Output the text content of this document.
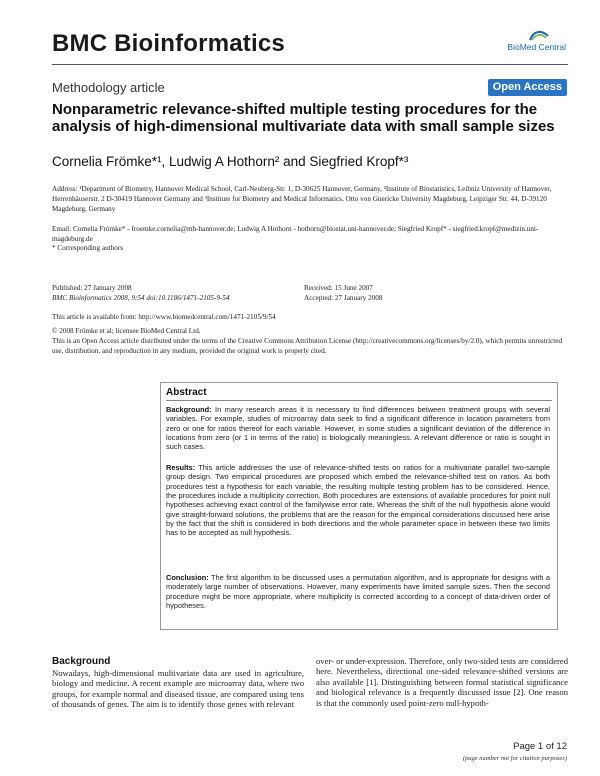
BMC Bioinformatics	BioMed Central
Methodology article	Open Access
Nonparametric relevance-shifted multiple testing procedures for the analysis of high-dimensional multivariate data with small sample sizes
Cornelia Frömke*¹, Ludwig A Hothorn² and Siegfried Kropf*³
Address: ¹Department of Biometry, Hannover Medical School, Carl-Neuberg-Str. 1, D-30625 Hannover, Germany, ²Institute of Biostatistics, Leibniz University of Hannover, Herrenhäuserstr. 2 D-30419 Hannover Germany and ³Institute for Biometry and Medical Informatics, Otto von Guericke University Magdeburg, Leipziger Str. 44, D-39120 Magdeburg, Germany
Email: Cornelia Frömke* - froemke.cornelia@mh-hannover.de; Ludwig A Hothorn - hothorn@biostat.uni-hannover.de; Siegfried Kropf* - siegfried.kropf@medizin.uni-magdeburg.de
* Corresponding authors
Published: 27 January 2008
BMC Bioinformatics 2008, 9:54 doi:10.1186/1471-2105-9-54
Received: 15 June 2007
Accepted: 27 January 2008
This article is available from: http://www.biomedcentral.com/1471-2105/9/54
© 2008 Frömke et al; licensee BioMed Central Ltd.
This is an Open Access article distributed under the terms of the Creative Commons Attribution License (http://creativecommons.org/licenses/by/2.0), which permits unrestricted use, distribution, and reproduction in any medium, provided the original work is properly cited.
Abstract
Background: In many research areas it is necessary to find differences between treatment groups with several variables. For example, studies of microarray data seek to find a significant difference in location parameters from zero or one for ratios thereof for each variable. However, in some studies a significant deviation of the difference in locations from zero (or 1 in terms of the ratio) is biologically meaningless. A relevant difference or ratio is sought in such cases.
Results: This article addresses the use of relevance-shifted tests on ratios for a multivariate parallel two-sample group design. Two empirical procedures are proposed which embed the relevance-shifted test on ratios. As both procedures test a hypothesis for each variable, the resulting multiple testing problem has to be considered. Hence, the procedures include a multiplicity correction. Both procedures are extensions of available procedures for point null hypotheses achieving exact control of the familywise error rate. Whereas the shift of the null hypothesis alone would give straight-forward solutions, the problems that are the reason for the empirical considerations discussed here arise by the fact that the shift is considered in both directions and the whole parameter space in between these two limits has to be accepted as null hypothesis.
Conclusion: The first algorithm to be discussed uses a permutation algorithm, and is appropriate for designs with a moderately large number of observations. However, many experiments have limited sample sizes. Then the second procedure might be more appropriate, where multiplicity is corrected according to a concept of data-driven order of hypotheses.
Background
Nowadays, high-dimensional multivariate data are used in agriculture, biology and medicine. A recent example are microarray data, where two groups, for example normal and diseased tissue, are compared using tens of thousands of genes. The aim is to identify those genes with relevant
over- or under-expression. Therefore, only two-sided tests are considered here. Nevertheless, directional one-sided relevance-shifted versions are also available [1]. Distinguishing between formal statistical significance and biological relevance is a frequently discussed issue [2]. One reason is that the commonly used point-zero null-hypoth-
Page 1 of 12
(page number not for citation purposes)
